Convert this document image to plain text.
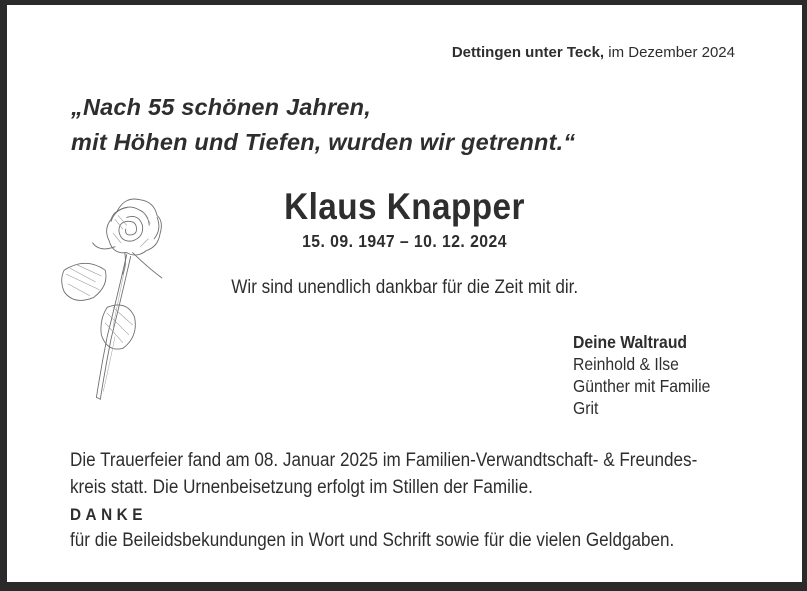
Dettingen unter Teck, im Dezember 2024
„Nach 55 schönen Jahren,
mit Höhen und Tiefen, wurden wir getrennt.“
Klaus Knapper
15. 09. 1947 – 10. 12. 2024
Wir sind unendlich dankbar für die Zeit mit dir.
Deine Waltraud
Reinhold & Ilse
Günther mit Familie
Grit
Die Trauerfeier fand am 08. Januar 2025 im Familien-Verwandtschaft- & Freundes-
kreis statt. Die Urnenbeisetzung erfolgt im Stillen der Familie.
DANKE
für die Beileidsbekundungen in Wort und Schrift sowie für die vielen Geldgaben.
